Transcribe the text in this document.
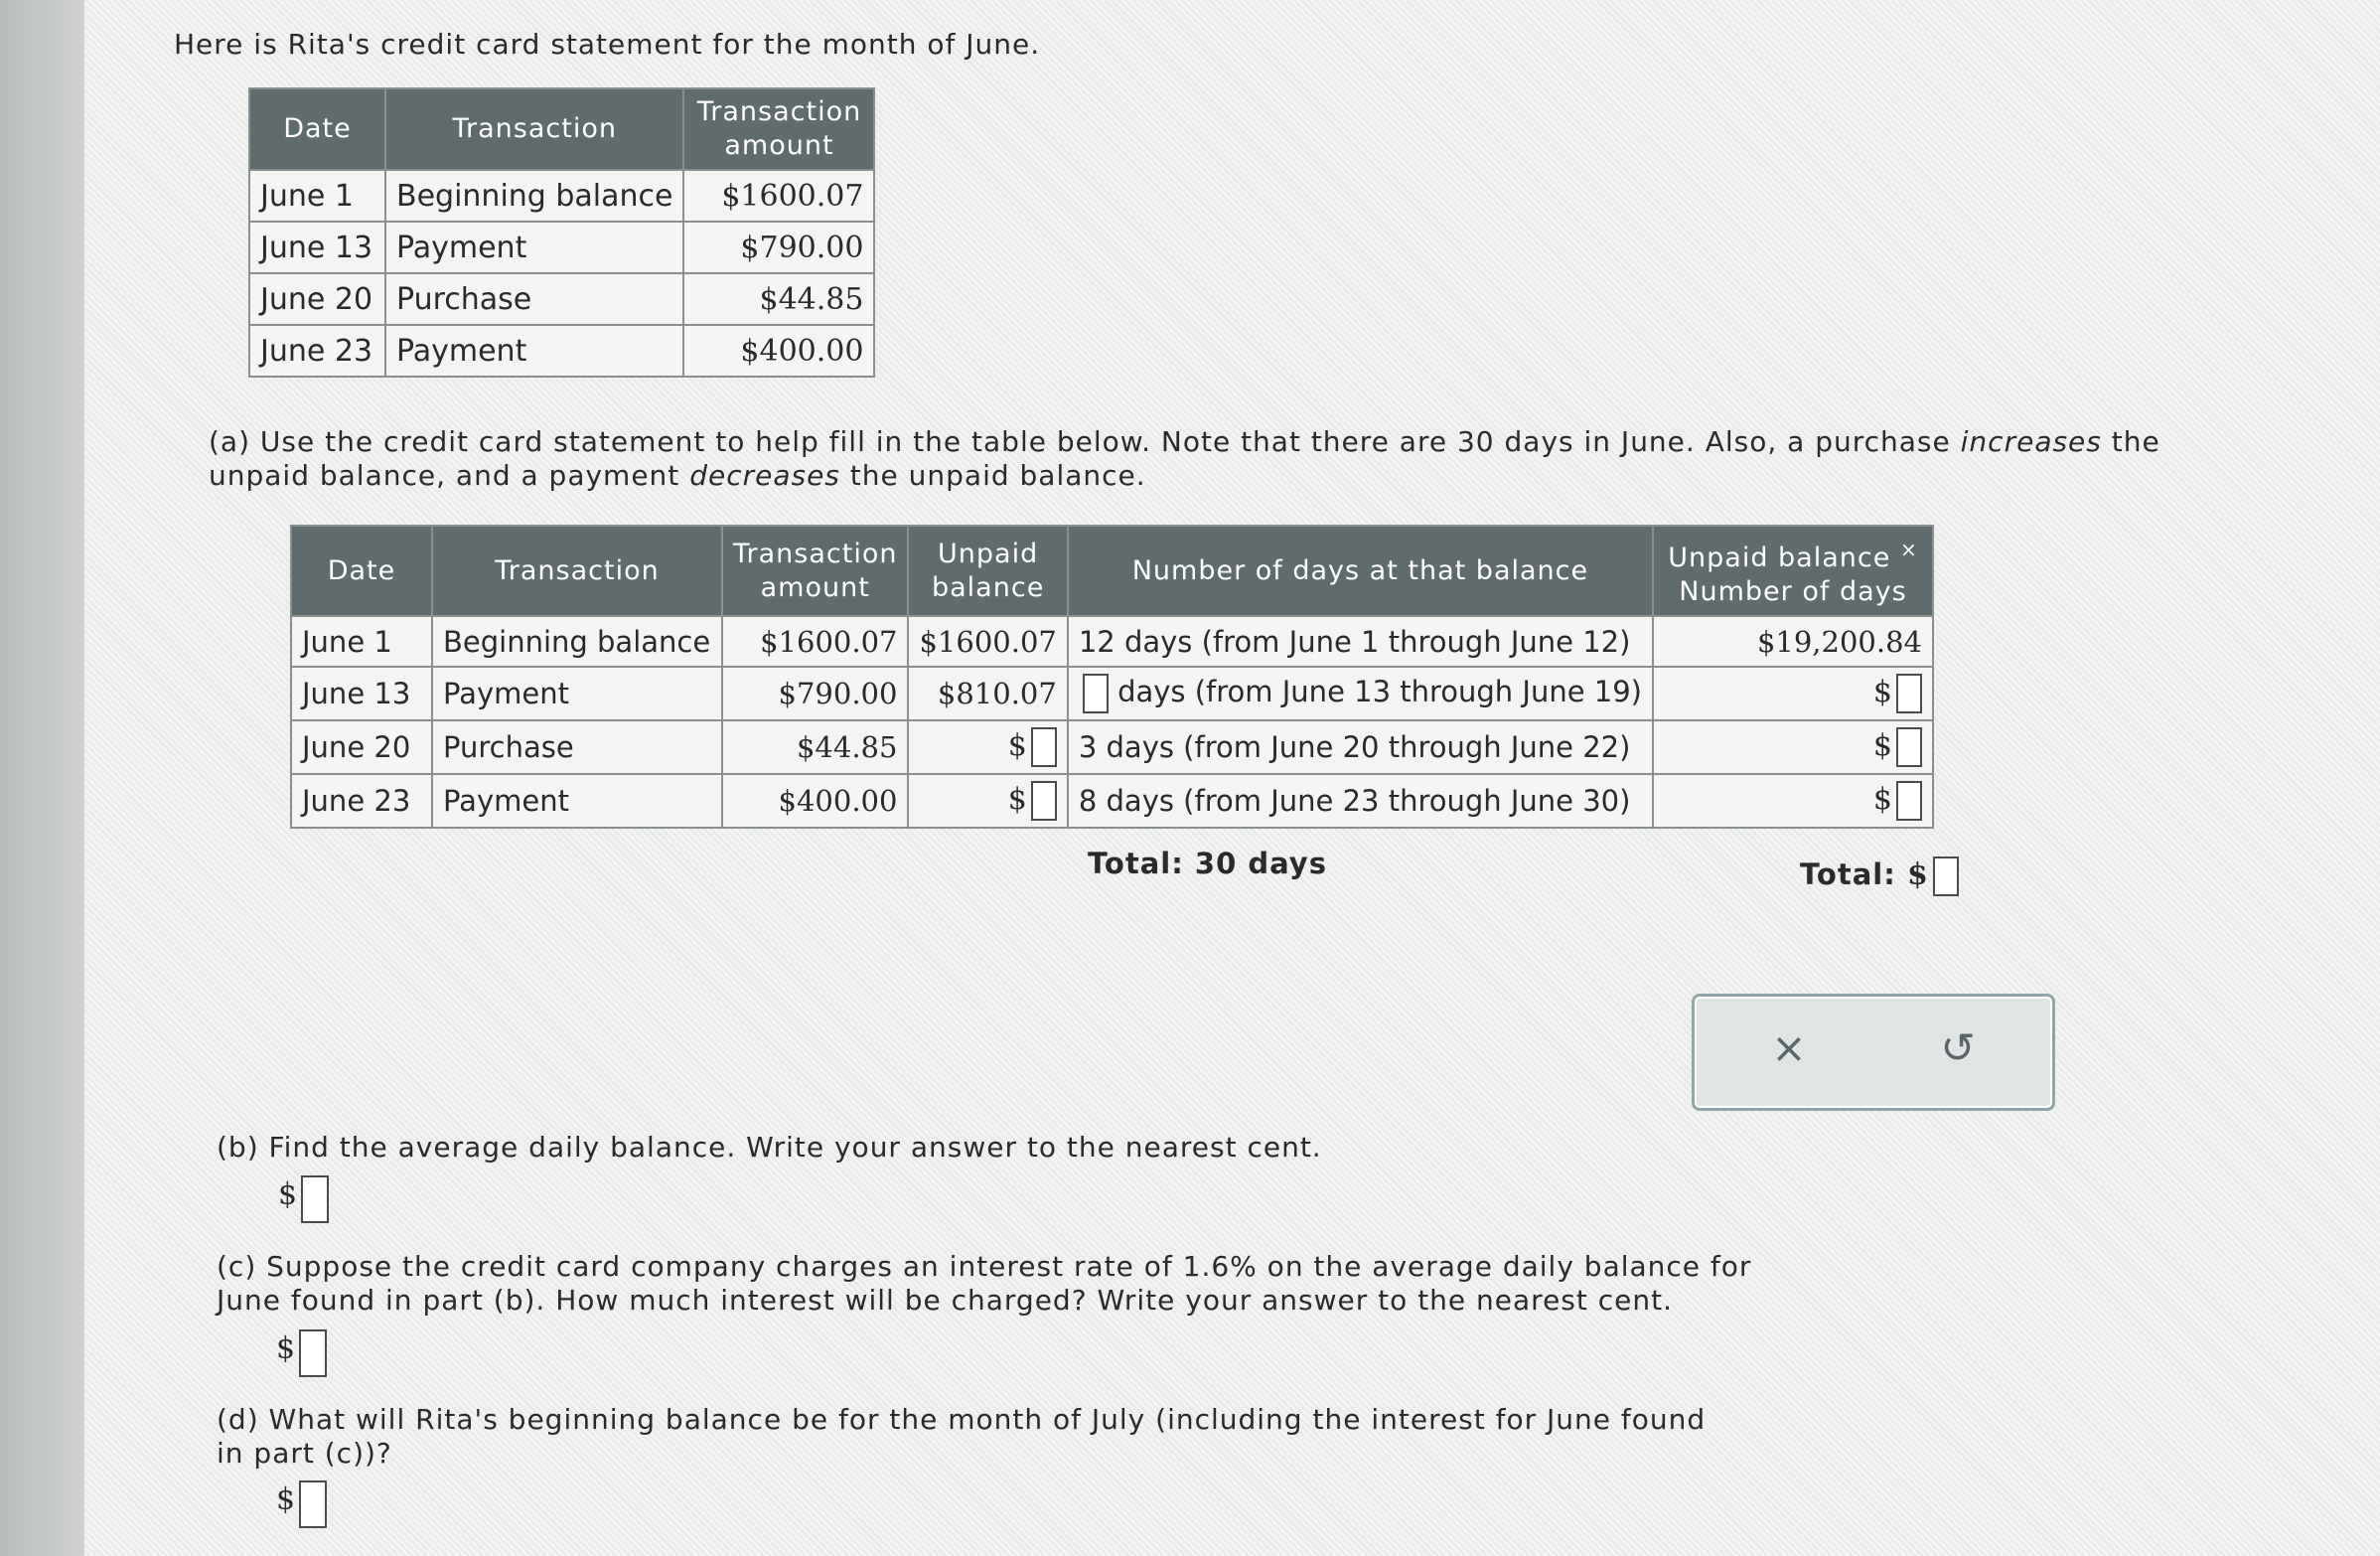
Here is Rita's credit card statement for the month of June.
Date	Transaction	Transaction amount
June 1	Beginning balance	$1600.07
June 13	Payment	$790.00
June 20	Purchase	$44.85
June 23	Payment	$400.00
(a) Use the credit card statement to help fill in the table below. Note that there are 30 days in June. Also, a purchase increases the unpaid balance, and a payment decreases the unpaid balance.
Date	Transaction	Transaction amount	Unpaid balance	Number of days at that balance	Unpaid balance × Number of days
June 1	Beginning balance	$1600.07	$1600.07	12 days (from June 1 through June 12)	$19,200.84
June 13	Payment	$790.00	$810.07	days (from June 13 through June 19)	$
June 20	Purchase	$44.85	$	3 days (from June 20 through June 22)	$
June 23	Payment	$400.00	$	8 days (from June 23 through June 30)	$
Total: 30 days	Total: $
×	↺
(b) Find the average daily balance. Write your answer to the nearest cent.
$
(c) Suppose the credit card company charges an interest rate of 1.6% on the average daily balance for June found in part (b). How much interest will be charged? Write your answer to the nearest cent.
$
(d) What will Rita's beginning balance be for the month of July (including the interest for June found in part (c))?
$
